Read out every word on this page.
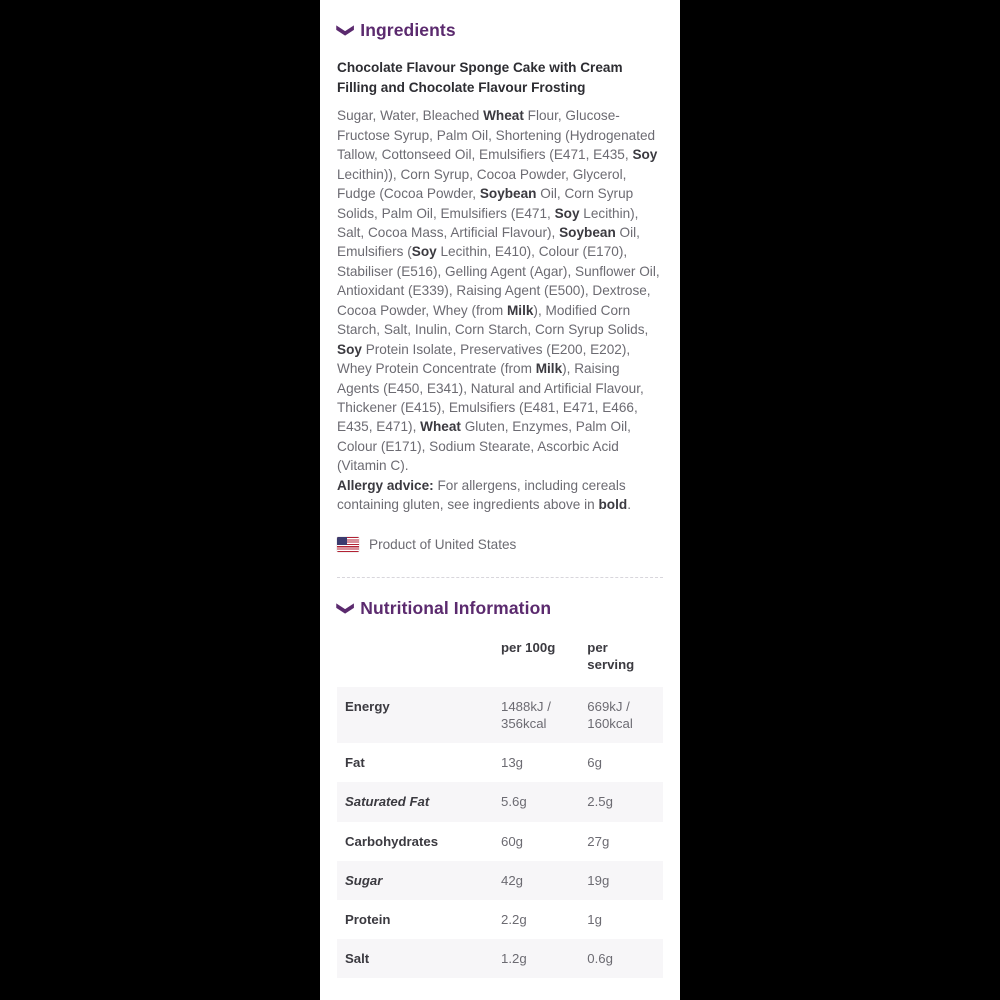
❮ Ingredients
Chocolate Flavour Sponge Cake with Cream Filling and Chocolate Flavour Frosting
Sugar, Water, Bleached Wheat Flour, Glucose-Fructose Syrup, Palm Oil, Shortening (Hydrogenated Tallow, Cottonseed Oil, Emulsifiers (E471, E435, Soy Lecithin)), Corn Syrup, Cocoa Powder, Glycerol, Fudge (Cocoa Powder, Soybean Oil, Corn Syrup Solids, Palm Oil, Emulsifiers (E471, Soy Lecithin), Salt, Cocoa Mass, Artificial Flavour), Soybean Oil, Emulsifiers (Soy Lecithin, E410), Colour (E170), Stabiliser (E516), Gelling Agent (Agar), Sunflower Oil, Antioxidant (E339), Raising Agent (E500), Dextrose, Cocoa Powder, Whey (from Milk), Modified Corn Starch, Salt, Inulin, Corn Starch, Corn Syrup Solids, Soy Protein Isolate, Preservatives (E200, E202), Whey Protein Concentrate (from Milk), Raising Agents (E450, E341), Natural and Artificial Flavour, Thickener (E415), Emulsifiers (E481, E471, E466, E435, E471), Wheat Gluten, Enzymes, Palm Oil, Colour (E171), Sodium Stearate, Ascorbic Acid (Vitamin C).
Allergy advice: For allergens, including cereals containing gluten, see ingredients above in bold.
Product of United States
❮ Nutritional Information
	per 100g	per serving
Energy	1488kJ / 356kcal	669kJ / 160kcal
Fat	13g	6g
Saturated Fat	5.6g	2.5g
Carbohydrates	60g	27g
Sugar	42g	19g
Protein	2.2g	1g
Salt	1.2g	0.6g
